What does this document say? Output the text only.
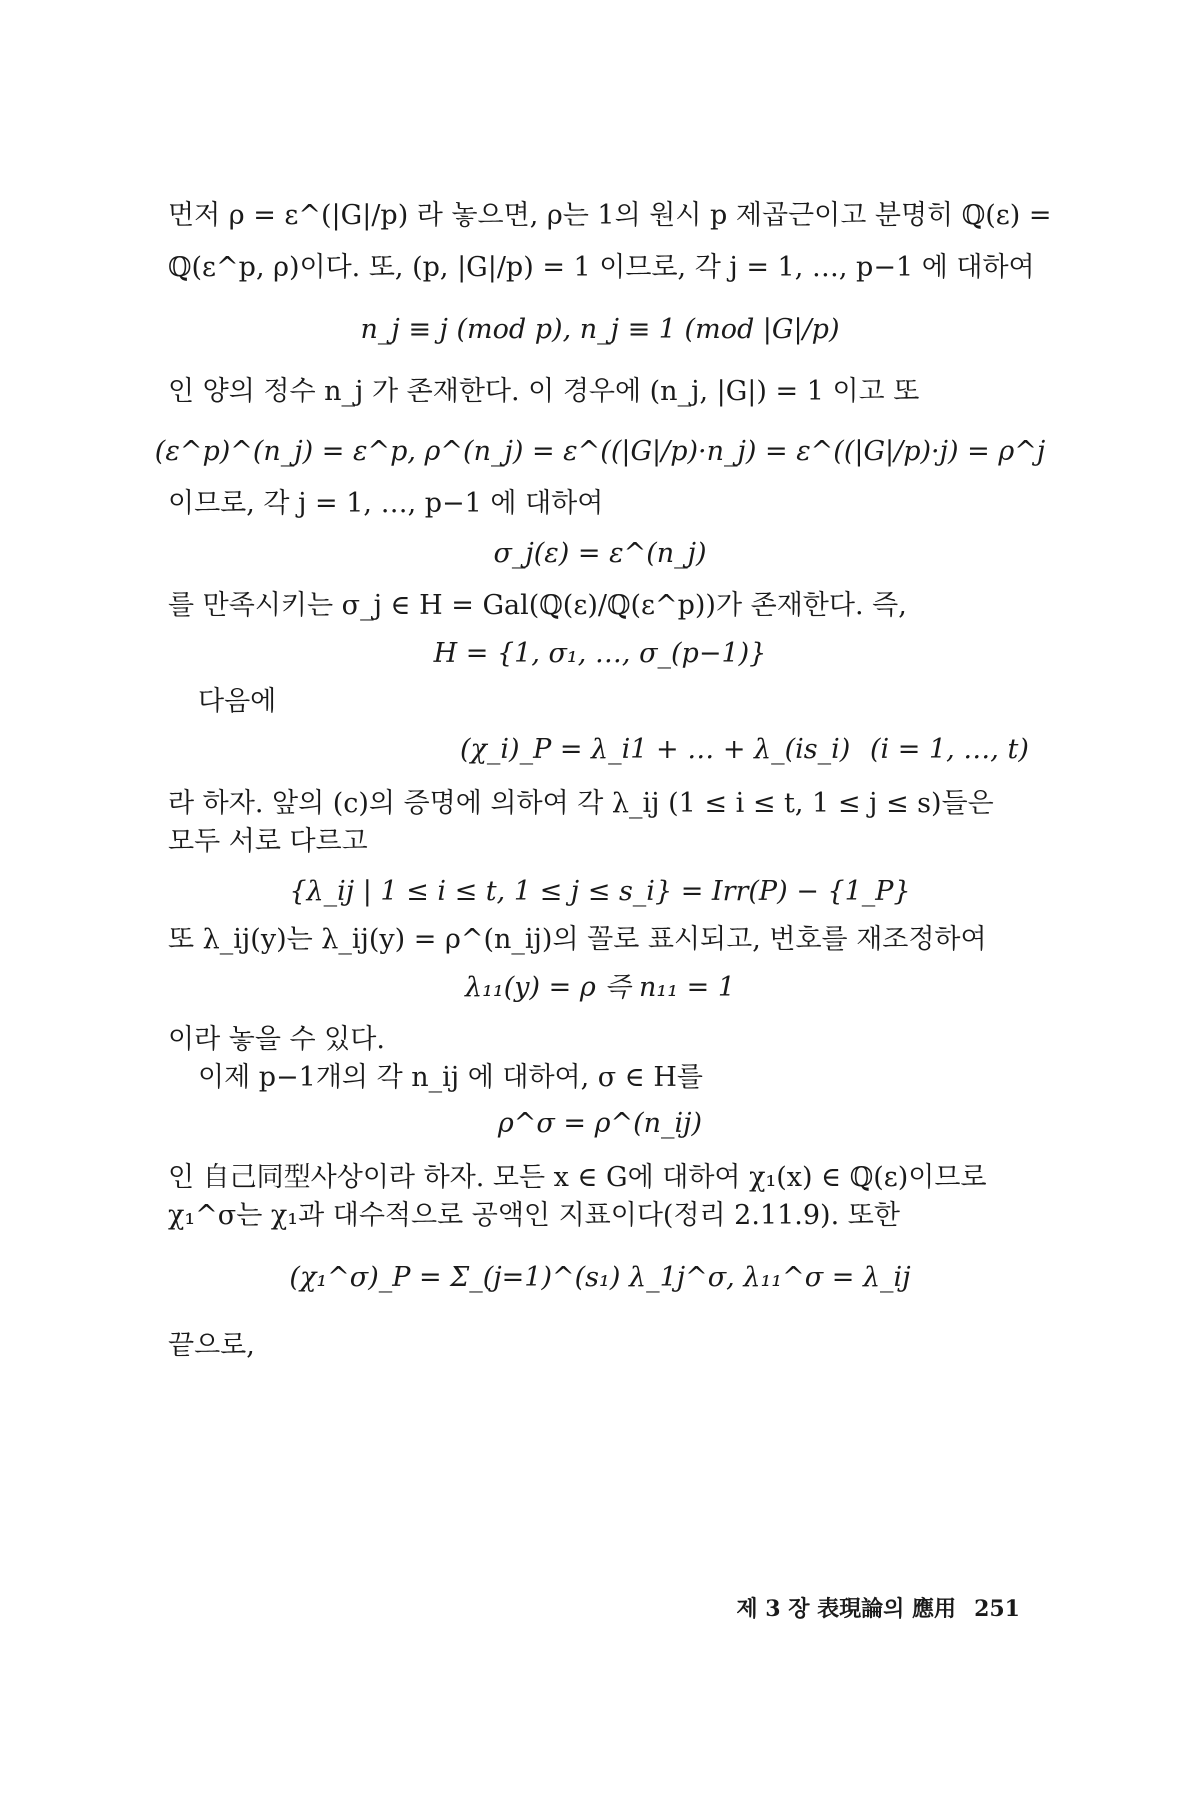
먼저 ρ = ε^(|G|/p) 라 놓으면, ρ는 1의 원시 p 제곱근이고 분명히 ℚ(ε) =
ℚ(ε^p, ρ)이다. 또, (p, |G|/p) = 1 이므로, 각 j = 1, …, p−1 에 대하여
n_j ≡ j (mod p), n_j ≡ 1 (mod |G|/p)
인 양의 정수 n_j 가 존재한다. 이 경우에 (n_j, |G|) = 1 이고 또
(ε^p)^(n_j) = ε^p, ρ^(n_j) = ε^((|G|/p)·n_j) = ε^((|G|/p)·j) = ρ^j
이므로, 각 j = 1, …, p−1 에 대하여
σ_j(ε) = ε^(n_j)
를 만족시키는 σ_j ∈ H = Gal(ℚ(ε)/ℚ(ε^p))가 존재한다. 즉,
H = {1, σ₁, …, σ_(p−1)}
다음에
(χ_i)_P = λ_i1 + … + λ_(is_i) (i = 1, …, t)
라 하자. 앞의 (c)의 증명에 의하여 각 λ_ij (1 ≤ i ≤ t, 1 ≤ j ≤ s)들은
모두 서로 다르고
{λ_ij | 1 ≤ i ≤ t, 1 ≤ j ≤ s_i} = Irr(P) − {1_P}
또 λ_ij(y)는 λ_ij(y) = ρ^(n_ij)의 꼴로 표시되고, 번호를 재조정하여
λ₁₁(y) = ρ 즉 n₁₁ = 1
이라 놓을 수 있다.
이제 p−1개의 각 n_ij 에 대하여, σ ∈ H를
ρ^σ = ρ^(n_ij)
인 自己同型사상이라 하자. 모든 x ∈ G에 대하여 χ₁(x) ∈ ℚ(ε)이므로
χ₁^σ는 χ₁과 대수적으로 공액인 지표이다(정리 2.11.9). 또한
(χ₁^σ)_P = Σ_(j=1)^(s₁) λ_1j^σ, λ₁₁^σ = λ_ij
끝으로,
제 3 장 表現論의 應用 251
